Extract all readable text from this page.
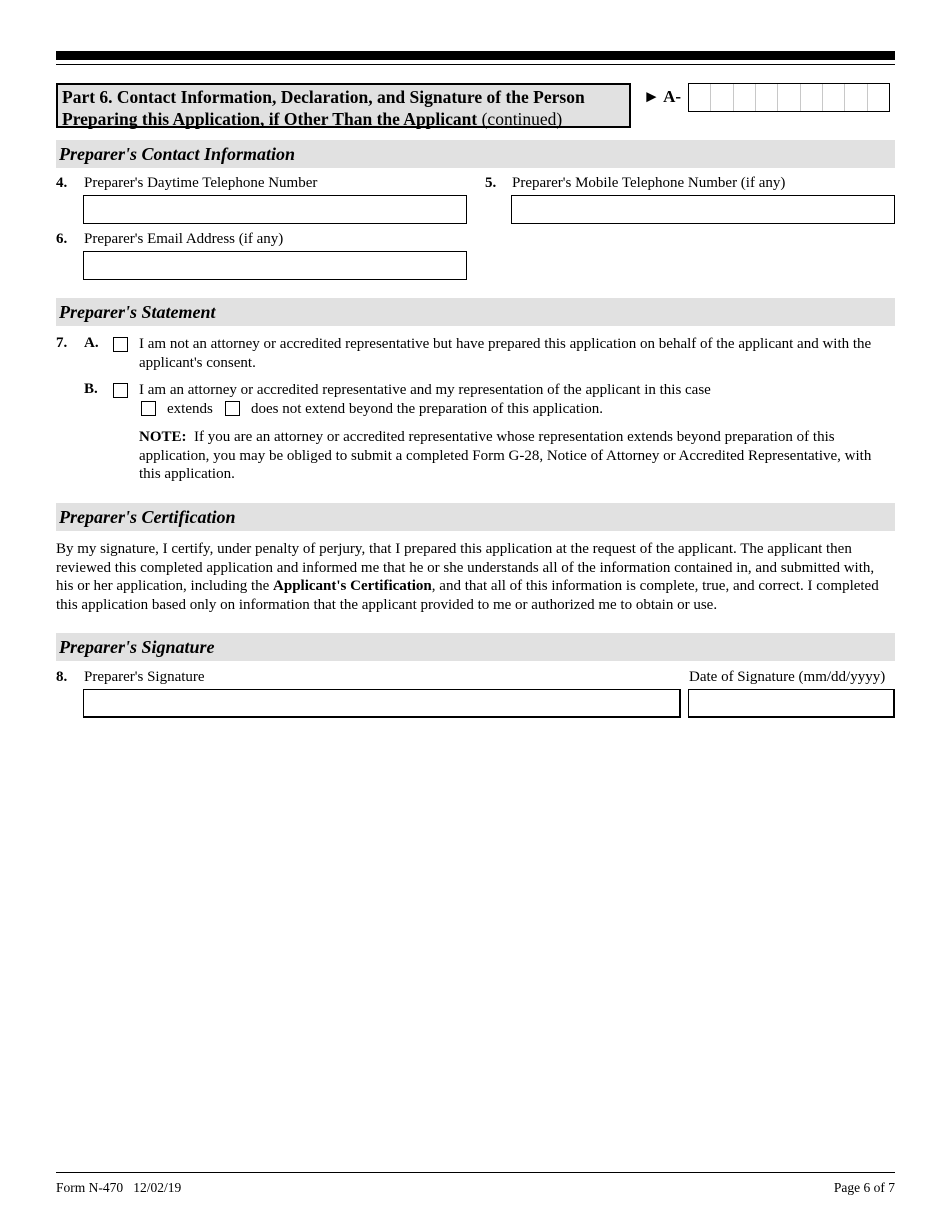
Part 6. Contact Information, Declaration, and Signature of the Person Preparing this Application, if Other Than the Applicant (continued)
► A-
Preparer's Contact Information
4. Preparer's Daytime Telephone Number	5. Preparer's Mobile Telephone Number (if any)
6. Preparer's Email Address (if any)
Preparer's Statement
7. A.	I am not an attorney or accredited representative but have prepared this application on behalf of the applicant and with the applicant's consent.
B.	I am an attorney or accredited representative and my representation of the applicant in this case
extends	does not extend beyond the preparation of this application.
NOTE: If you are an attorney or accredited representative whose representation extends beyond preparation of this application, you may be obliged to submit a completed Form G-28, Notice of Attorney or Accredited Representative, with this application.
Preparer's Certification
By my signature, I certify, under penalty of perjury, that I prepared this application at the request of the applicant. The applicant then reviewed this completed application and informed me that he or she understands all of the information contained in, and submitted with, his or her application, including the Applicant's Certification, and that all of this information is complete, true, and correct. I completed this application based only on information that the applicant provided to me or authorized me to obtain or use.
Preparer's Signature
8. Preparer's Signature	Date of Signature (mm/dd/yyyy)
Form N-470   12/02/19	Page 6 of 7
